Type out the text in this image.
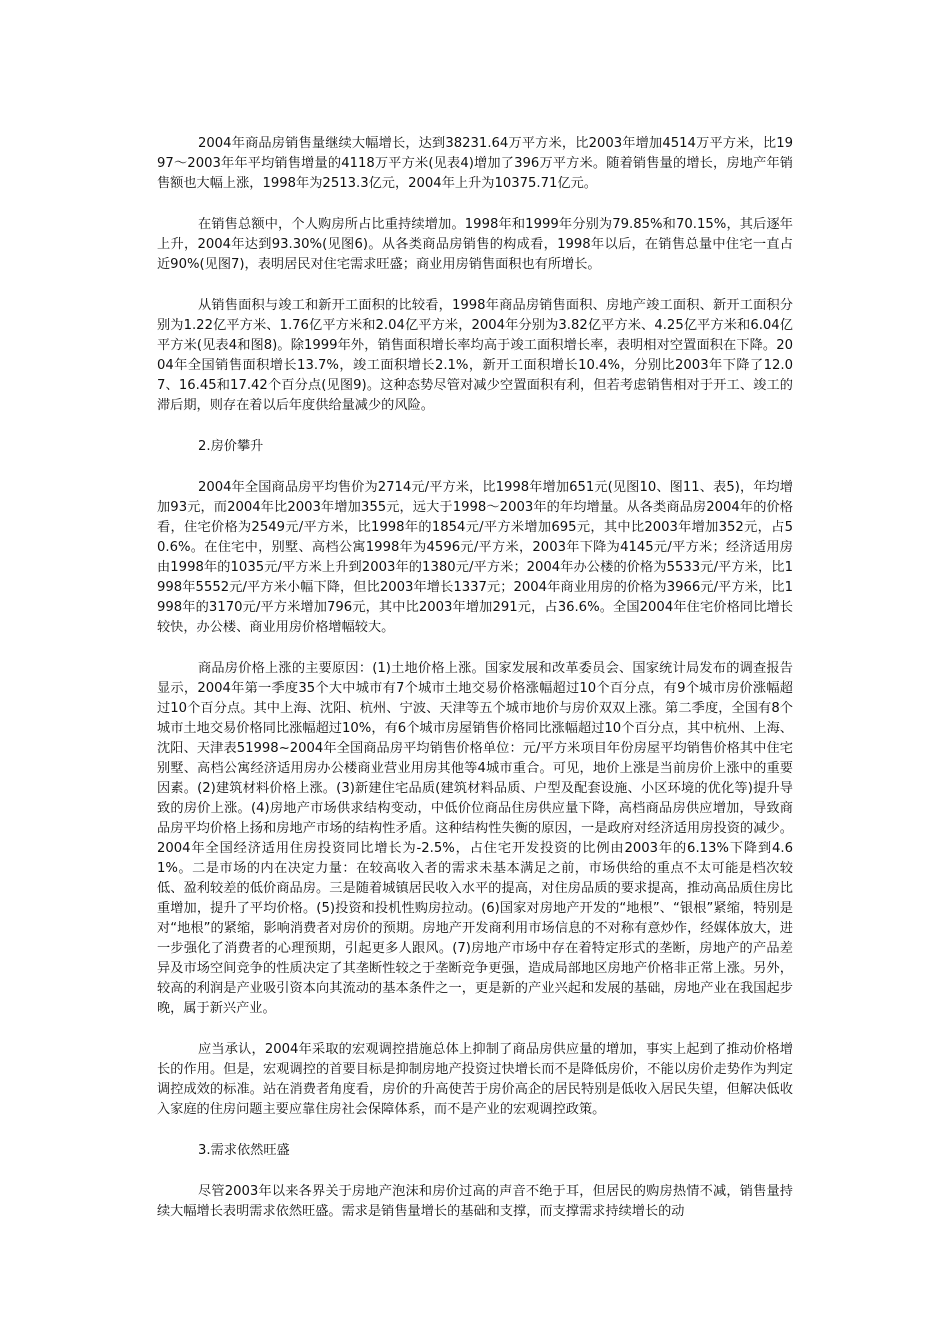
2004年商品房销售量继续大幅增长，达到38231.64万平方米，比2003年增加4514万平方米，比1997～2003年年平均销售增量的4118万平方米(见表4)增加了396万平方米。随着销售量的增长，房地产年销售额也大幅上涨，1998年为2513.3亿元，2004年上升为10375.71亿元。

在销售总额中，个人购房所占比重持续增加。1998年和1999年分别为79.85%和70.15%，其后逐年上升，2004年达到93.30%(见图6)。从各类商品房销售的构成看，1998年以后，在销售总量中住宅一直占近90%(见图7)，表明居民对住宅需求旺盛；商业用房销售面积也有所增长。

从销售面积与竣工和新开工面积的比较看，1998年商品房销售面积、房地产竣工面积、新开工面积分别为1.22亿平方米、1.76亿平方米和2.04亿平方米，2004年分别为3.82亿平方米、4.25亿平方米和6.04亿平方米(见表4和图8)。除1999年外，销售面积增长率均高于竣工面积增长率，表明相对空置面积在下降。2004年全国销售面积增长13.7%，竣工面积增长2.1%，新开工面积增长10.4%，分别比2003年下降了12.07、16.45和17.42个百分点(见图9)。这种态势尽管对减少空置面积有利，但若考虑销售相对于开工、竣工的滞后期，则存在着以后年度供给量减少的风险。

2.房价攀升

2004年全国商品房平均售价为2714元/平方米，比1998年增加651元(见图10、图11、表5)，年均增加93元，而2004年比2003年增加355元，远大于1998～2003年的年均增量。从各类商品房2004年的价格看，住宅价格为2549元/平方米，比1998年的1854元/平方米增加695元，其中比2003年增加352元，占50.6%。在住宅中，别墅、高档公寓1998年为4596元/平方米，2003年下降为4145元/平方米；经济适用房由1998年的1035元/平方米上升到2003年的1380元/平方米；2004年办公楼的价格为5533元/平方米，比1998年5552元/平方米小幅下降，但比2003年增长1337元；2004年商业用房的价格为3966元/平方米，比1998年的3170元/平方米增加796元，其中比2003年增加291元，占36.6%。全国2004年住宅价格同比增长较快，办公楼、商业用房价格增幅较大。

商品房价格上涨的主要原因：(1)土地价格上涨。国家发展和改革委员会、国家统计局发布的调查报告显示，2004年第一季度35个大中城市有7个城市土地交易价格涨幅超过10个百分点，有9个城市房价涨幅超过10个百分点。其中上海、沈阳、杭州、宁波、天津等五个城市地价与房价双双上涨。第二季度，全国有8个城市土地交易价格同比涨幅超过10%，有6个城市房屋销售价格同比涨幅超过10个百分点，其中杭州、上海、沈阳、天津表51998~2004年全国商品房平均销售价格单位：元/平方米项目年份房屋平均销售价格其中住宅别墅、高档公寓经济适用房办公楼商业营业用房其他等4城市重合。可见，地价上涨是当前房价上涨中的重要因素。(2)建筑材料价格上涨。(3)新建住宅品质(建筑材料品质、户型及配套设施、小区环境的优化等)提升导致的房价上涨。(4)房地产市场供求结构变动，中低价位商品住房供应量下降，高档商品房供应增加，导致商品房平均价格上扬和房地产市场的结构性矛盾。这种结构性失衡的原因，一是政府对经济适用房投资的减少。2004年全国经济适用住房投资同比增长为-2.5%，占住宅开发投资的比例由2003年的6.13%下降到4.61%。二是市场的内在决定力量：在较高收入者的需求未基本满足之前，市场供给的重点不太可能是档次较低、盈利较差的低价商品房。三是随着城镇居民收入水平的提高，对住房品质的要求提高，推动高品质住房比重增加，提升了平均价格。(5)投资和投机性购房拉动。(6)国家对房地产开发的“地根”、“银根”紧缩，特别是对“地根”的紧缩，影响消费者对房价的预期。房地产开发商利用市场信息的不对称有意炒作，经媒体放大，进一步强化了消费者的心理预期，引起更多人跟风。(7)房地产市场中存在着特定形式的垄断，房地产的产品差异及市场空间竞争的性质决定了其垄断性较之于垄断竞争更强，造成局部地区房地产价格非正常上涨。另外，较高的利润是产业吸引资本向其流动的基本条件之一，更是新的产业兴起和发展的基础，房地产业在我国起步晚，属于新兴产业。

应当承认，2004年采取的宏观调控措施总体上抑制了商品房供应量的增加，事实上起到了推动价格增长的作用。但是，宏观调控的首要目标是抑制房地产投资过快增长而不是降低房价，不能以房价走势作为判定调控成效的标准。站在消费者角度看，房价的升高使苦于房价高企的居民特别是低收入居民失望，但解决低收入家庭的住房问题主要应靠住房社会保障体系，而不是产业的宏观调控政策。

3.需求依然旺盛

尽管2003年以来各界关于房地产泡沫和房价过高的声音不绝于耳，但居民的购房热情不减，销售量持续大幅增长表明需求依然旺盛。需求是销售量增长的基础和支撑，而支撑需求持续增长的动
